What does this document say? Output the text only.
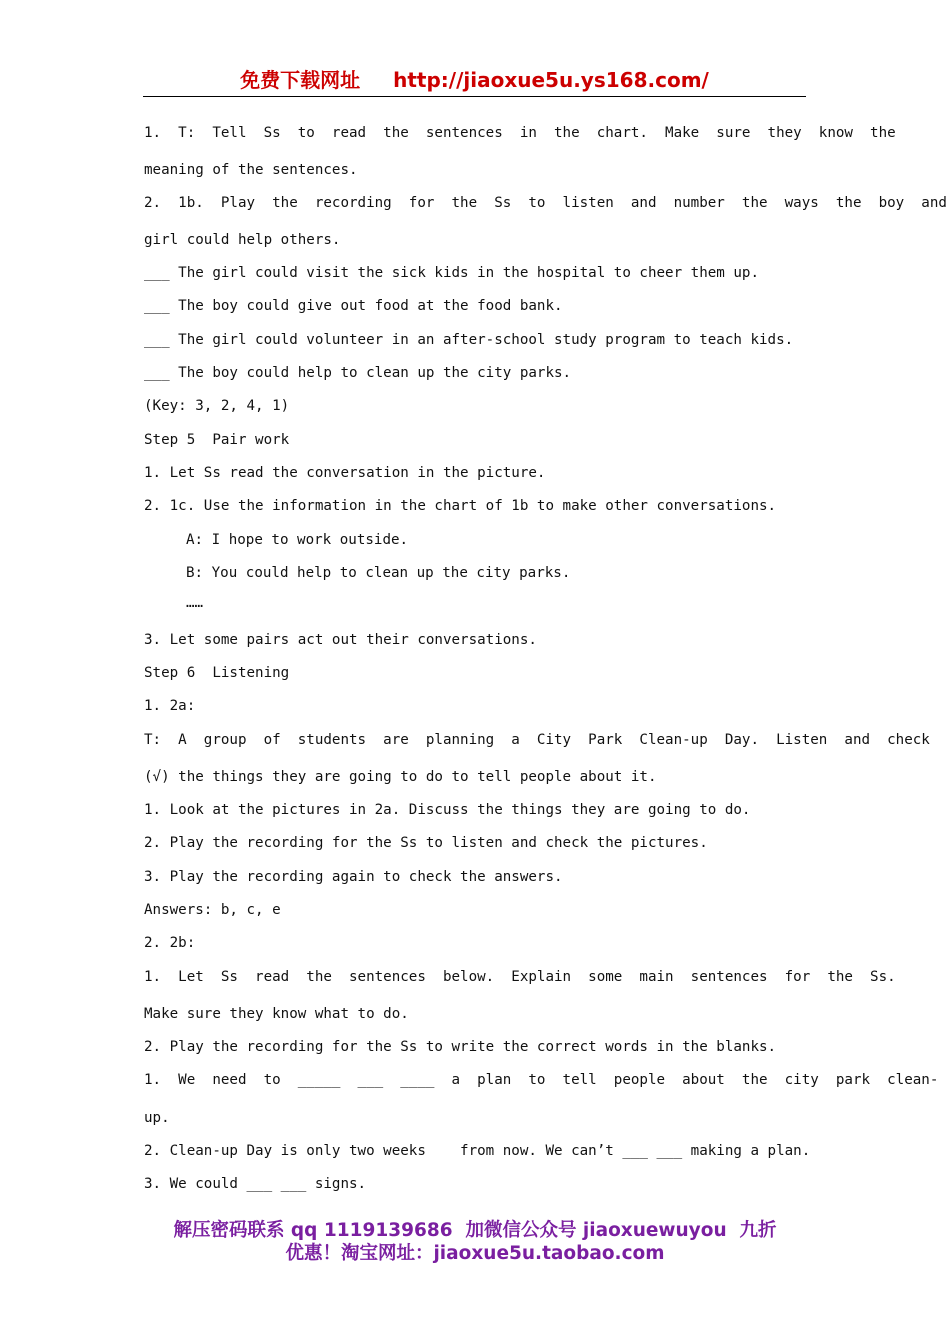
免费下载网址 http://jiaoxue5u.ys168.com/
1.  T:  Tell  Ss  to  read  the  sentences  in  the  chart.  Make  sure  they  know  the
meaning of the sentences.
2.  1b.  Play  the  recording  for  the  Ss  to  listen  and  number  the  ways  the  boy  and
girl could help others.
___ The girl could visit the sick kids in the hospital to cheer them up.
___ The boy could give out food at the food bank.
___ The girl could volunteer in an after-school study program to teach kids.
___ The boy could help to clean up the city parks.
(Key: 3, 2, 4, 1)
Step 5  Pair work
1. Let Ss read the conversation in the picture.
2. 1c. Use the information in the chart of 1b to make other conversations.
A: I hope to work outside.
B: You could help to clean up the city parks.
……
3. Let some pairs act out their conversations.
Step 6  Listening
1. 2a:
T:  A  group  of  students  are  planning  a  City  Park  Clean-up  Day.  Listen  and  check
(√) the things they are going to do to tell people about it.
1. Look at the pictures in 2a. Discuss the things they are going to do.
2. Play the recording for the Ss to listen and check the pictures.
3. Play the recording again to check the answers.
Answers: b, c, e
2. 2b:
1.  Let  Ss  read  the  sentences  below.  Explain  some  main  sentences  for  the  Ss.
Make sure they know what to do.
2. Play the recording for the Ss to write the correct words in the blanks.
1.  We  need  to  _____  ___  ____  a  plan  to  tell  people  about  the  city  park  clean-
up.
2. Clean-up Day is only two weeks    from now. We can’t ___ ___ making a plan.
3. We could ___ ___ signs.
解压密码联系 qq 1119139686  加微信公众号 jiaoxuewuyou  九折
优惠！淘宝网址：jiaoxue5u.taobao.com
